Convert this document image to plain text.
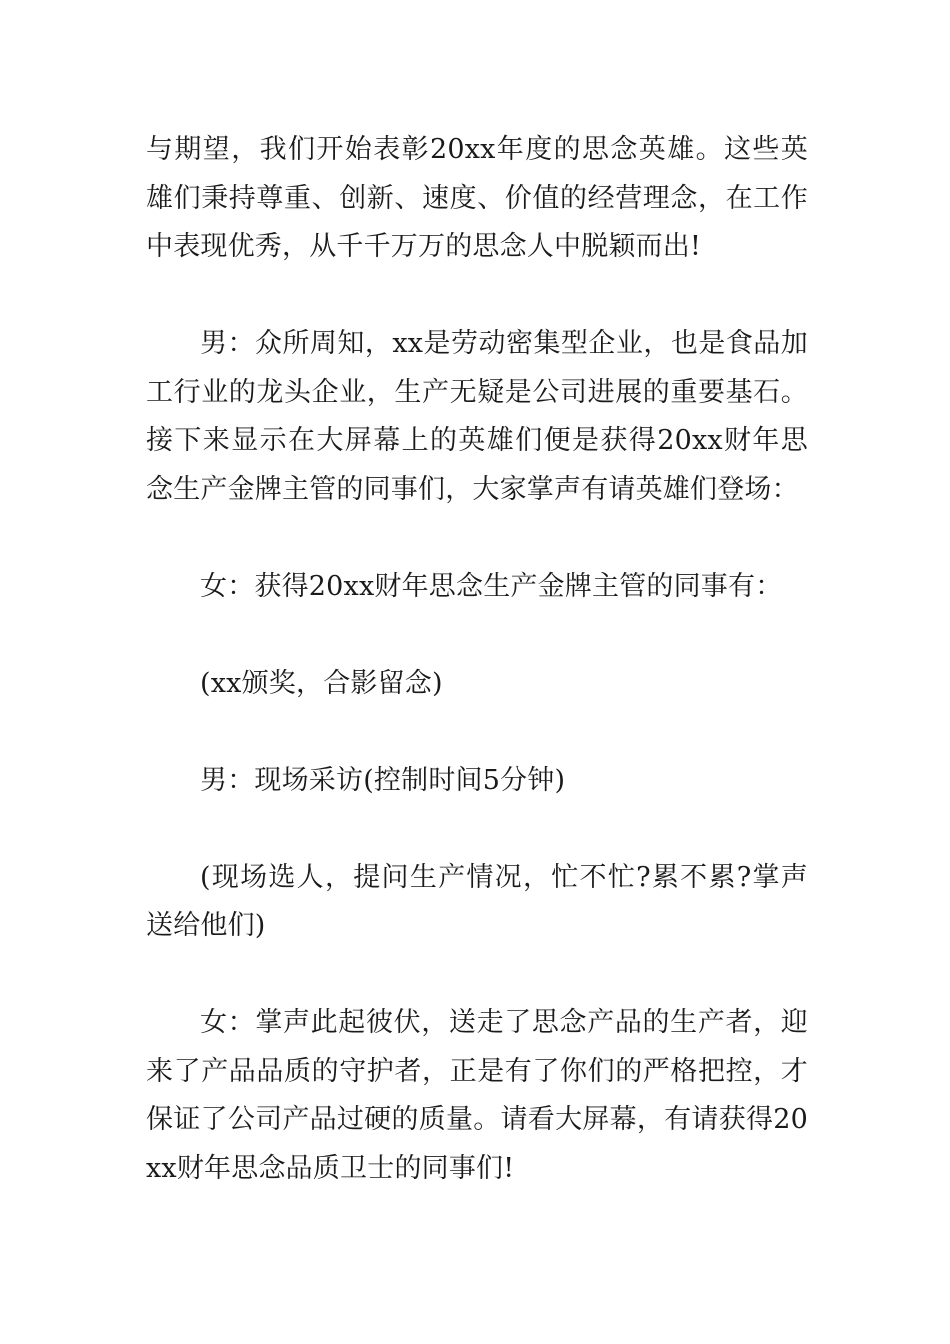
与期望，我们开始表彰20xx年度的思念英雄。这些英雄们秉持尊重、创新、速度、价值的经营理念，在工作中表现优秀，从千千万万的思念人中脱颖而出!

男：众所周知，xx是劳动密集型企业，也是食品加工行业的龙头企业，生产无疑是公司进展的重要基石。接下来显示在大屏幕上的英雄们便是获得20xx财年思念生产金牌主管的同事们，大家掌声有请英雄们登场：

女：获得20xx财年思念生产金牌主管的同事有：

(xx颁奖，合影留念)

男：现场采访(控制时间5分钟)

(现场选人，提问生产情况，忙不忙?累不累?掌声送给他们)

女：掌声此起彼伏，送走了思念产品的生产者，迎来了产品品质的守护者，正是有了你们的严格把控，才保证了公司产品过硬的质量。请看大屏幕，有请获得20xx财年思念品质卫士的同事们!
